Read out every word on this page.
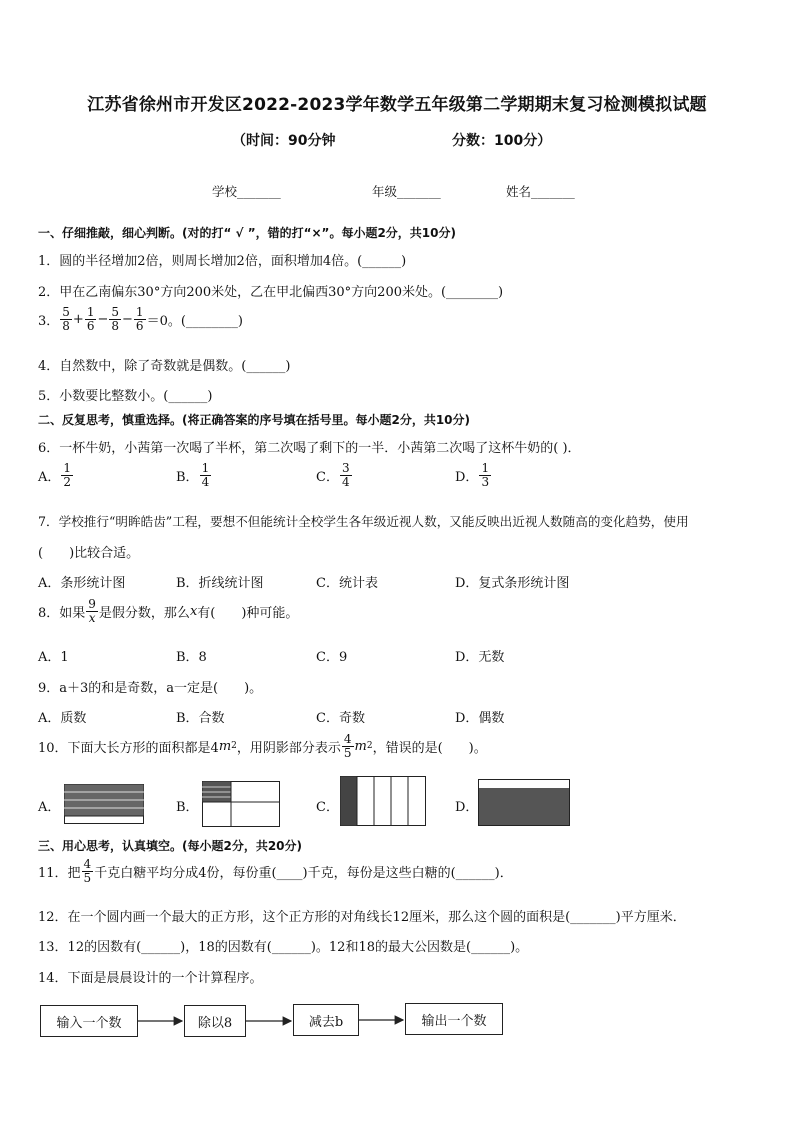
江苏省徐州市开发区2022-2023学年数学五年级第二学期期末复习检测模拟试题
（时间：90分钟	分数：100分）
学校_______	年级_______	姓名_______
一、仔细推敲，细心判断。(对的打“ √ ”，错的打“×”。每小题2分，共10分)
1．圆的半径增加2倍，则周长增加2倍，面积增加4倍。(______)
2．甲在乙南偏东30°方向200米处，乙在甲北偏西30°方向200米处。(________)
3． $\frac{5}{8} + \frac{1}{6} - \frac{5}{8} - \frac{1}{6} =0$。(________)
4．自然数中，除了奇数就是偶数。(______)
5．小数要比整数小。(______)
二、反复思考，慎重选择。(将正确答案的序号填在括号里。每小题2分，共10分)
6．一杯牛奶，小茜第一次喝了半杯，第二次喝了剩下的一半．小茜第二次喝了这杯牛奶的( )．
A． $\frac{1}{2}$	B． $\frac{1}{4}$	C． $\frac{3}{4}$	D． $\frac{1}{3}$
7．学校推行“明眸皓齿”工程，要想不但能统计全校学生各年级近视人数，又能反映出近视人数随高的变化趋势，使用
(　　)比较合适。
A．条形统计图	B．折线统计图	C．统计表	D．复式条形统计图
8．如果 $\frac{9}{x}$ 是假分数，那么 x 有(　　)种可能。
A．1	B．8	C．9	D．无数
9．a＋3的和是奇数，a一定是(　　)。
A．质数	B．合数	C．奇数	D．偶数
10．下面大长方形的面积都是4 m 2 ，用阴影部分表示 $\frac{4}{5}$ m 2 ，错误的是(　　)。
A．	B．	C．	D．
三、用心思考，认真填空。(每小题2分，共20分)
11．把 $\frac{4}{5}$ 千克白糖平均分成4份，每份重(____)千克，每份是这些白糖的(______)．
12．在一个圆内画一个最大的正方形，这个正方形的对角线长12厘米，那么这个圆的面积是(_______)平方厘米．
13．12的因数有(______)，18的因数有(______)。12和18的最大公因数是(______)。
14．下面是晨晨设计的一个计算程序。
输入一个数	除以8	减去b	输出一个数
